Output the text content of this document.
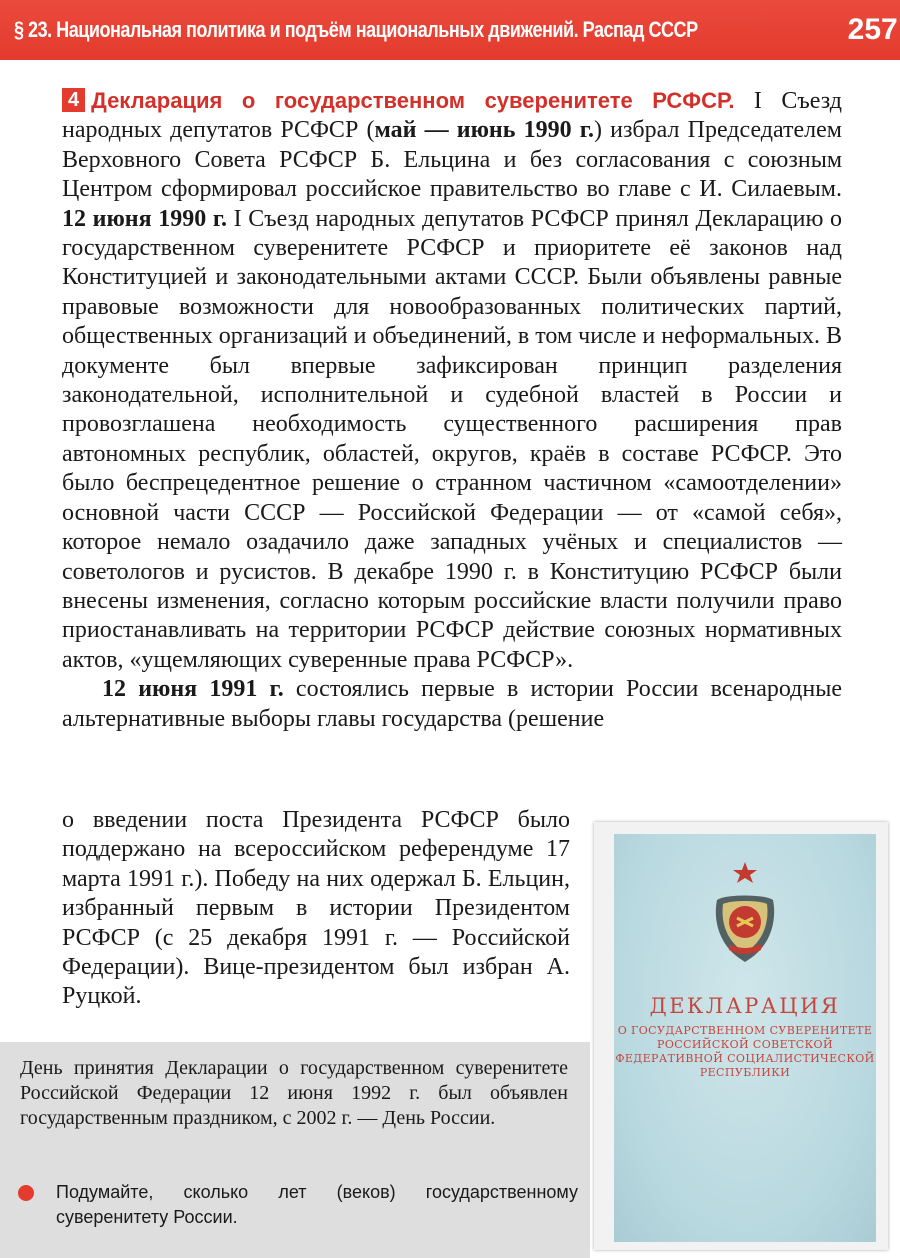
§ 23. Национальная политика и подъём национальных движений. Распад СССР	257

4 Декларация о государственном суверенитете РСФСР. I Съезд народных депутатов РСФСР (май — июнь 1990 г.) избрал Председателем Верховного Совета РСФСР Б. Ельцина и без согласования с союзным Центром сформировал российское правительство во главе с И. Силаевым. 12 июня 1990 г. I Съезд народных депутатов РСФСР принял Декларацию о государственном суверенитете РСФСР и приоритете её законов над Конституцией и законодательными актами СССР. Были объявлены равные правовые возможности для новообразованных политических партий, общественных организаций и объединений, в том числе и неформальных. В документе был впервые зафиксирован принцип разделения законодательной, исполнительной и судебной властей в России и провозглашена необходимость существенного расширения прав автономных республик, областей, округов, краёв в составе РСФСР. Это было беспрецедентное решение о странном частичном «самоотделении» основной части СССР — Российской Федерации — от «самой себя», которое немало озадачило даже западных учёных и специалистов — советологов и русистов. В декабре 1990 г. в Конституцию РСФСР были внесены изменения, согласно которым российские власти получили право приостанавливать на территории РСФСР действие союзных нормативных актов, «ущемляющих суверенные права РСФСР».

12 июня 1991 г. состоялись первые в истории России всенародные альтернативные выборы главы государства (решение

о введении поста Президента РСФСР было поддержано на всероссийском референдуме 17 марта 1991 г.). Победу на них одержал Б. Ельцин, избранный первым в истории Президентом РСФСР (с 25 декабря 1991 г. — Российской Федерации). Вице-президентом был избран А. Руцкой.

День принятия Декларации о государственном суверенитете Российской Федерации 12 июня 1992 г. был объявлен государственным праздником, с 2002 г. — День России.

Подумайте, сколько лет (веков) государственному суверенитету России.
ДЕКЛАРАЦИЯ
О ГОСУДАРСТВЕННОМ СУВЕРЕНИТЕТЕ РОССИЙСКОЙ СОВЕТСКОЙ ФЕДЕРАТИВНОЙ СОЦИАЛИСТИЧЕСКОЙ РЕСПУБЛИКИ
